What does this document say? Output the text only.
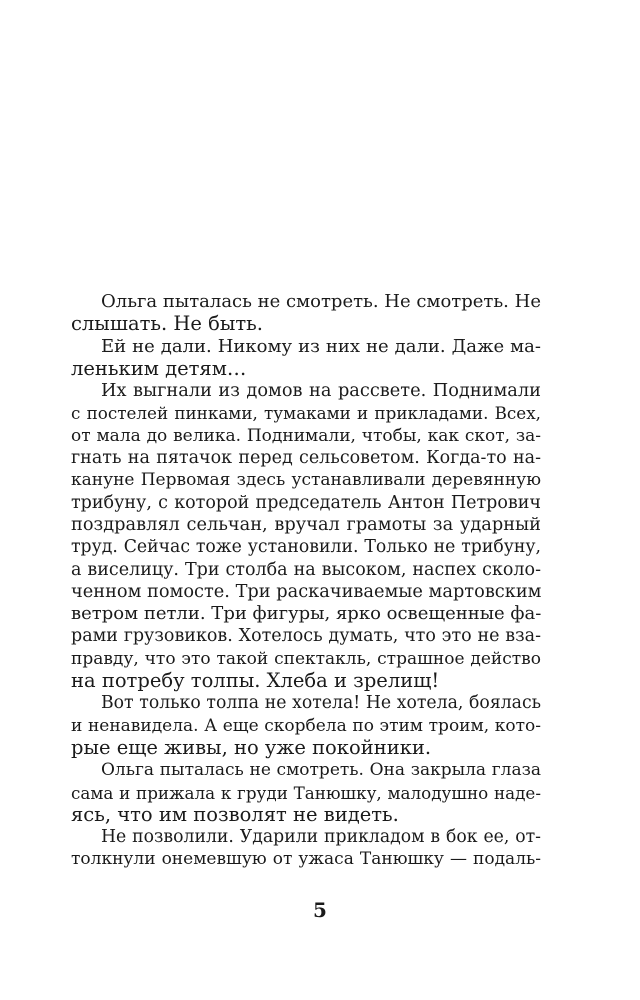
Ольга пыталась не смотреть. Не смотреть. Не
слышать. Не быть.
Ей не дали. Никому из них не дали. Даже ма-
леньким детям…
Их выгнали из домов на рассвете. Поднимали
с постелей пинками, тумаками и прикладами. Всех,
от мала до велика. Поднимали, чтобы, как скот, за-
гнать на пятачок перед сельсоветом. Когда-то на-
кануне Первомая здесь устанавливали деревянную
трибуну, с которой председатель Антон Петрович
поздравлял сельчан, вручал грамоты за ударный
труд. Сейчас тоже установили. Только не трибуну,
а виселицу. Три столба на высоком, наспех сколо-
ченном помосте. Три раскачиваемые мартовским
ветром петли. Три фигуры, ярко освещенные фа-
рами грузовиков. Хотелось думать, что это не взa-
правду, что это такой спектакль, страшное действо
на потребу толпы. Хлеба и зрелищ!
Вот только толпа не хотела! Не хотела, боялась
и ненавидела. А еще скорбела по этим троим, кото-
рые еще живы, но уже покойники.
Ольга пыталась не смотреть. Она закрыла глаза
сама и прижала к груди Танюшку, малодушно наде-
ясь, что им позволят не видеть.
Не позволили. Ударили прикладом в бок ее, от-
толкнули онемевшую от ужаса Танюшку — подаль-
5
